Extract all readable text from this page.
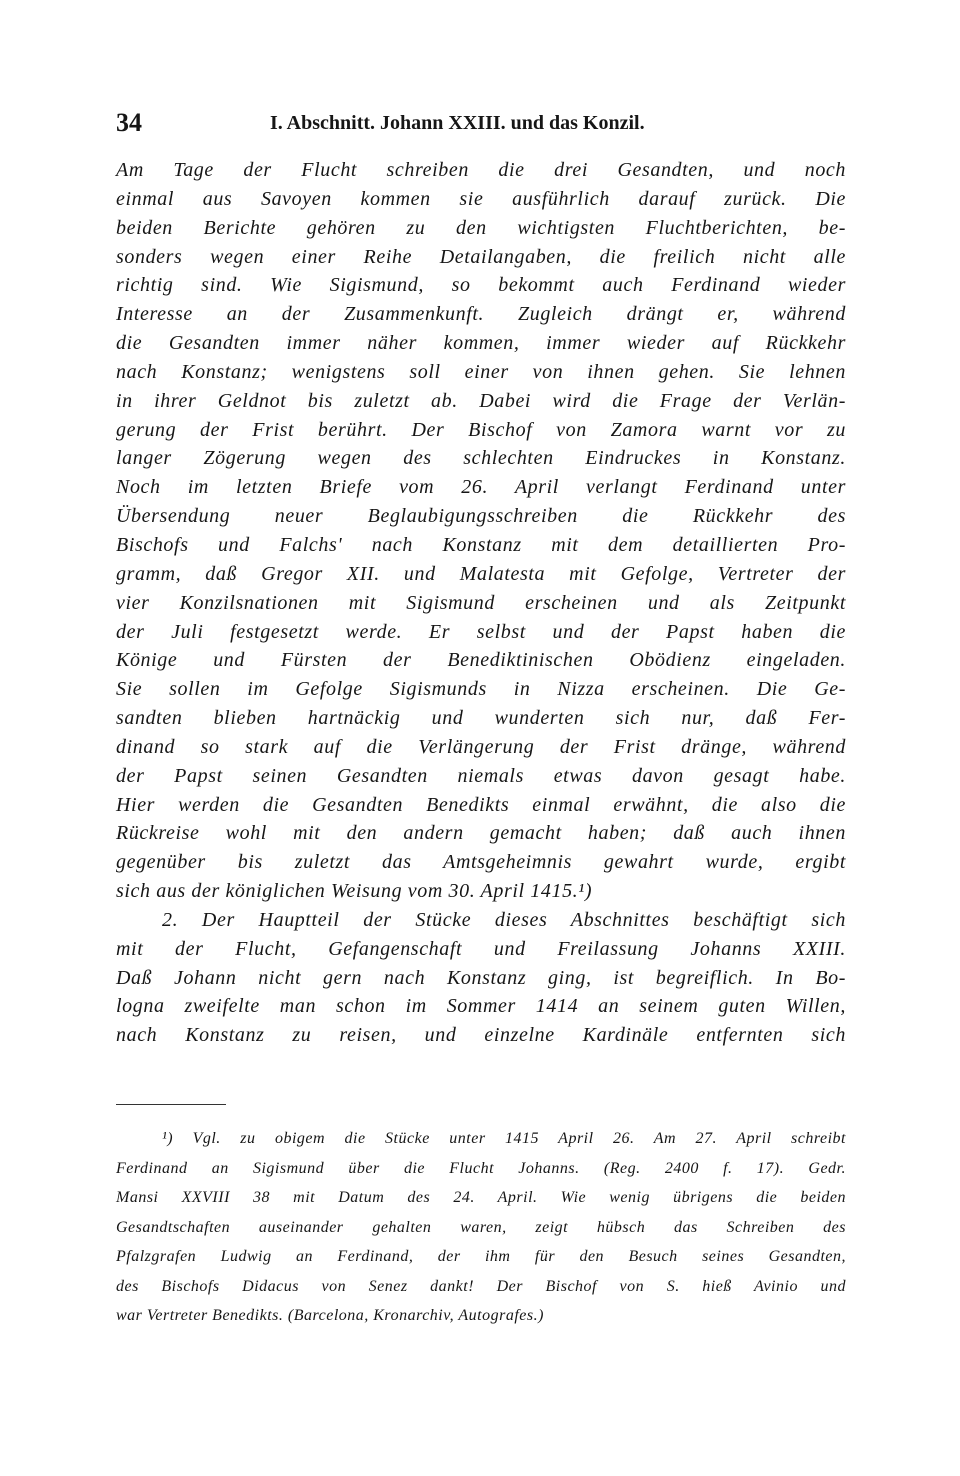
34	I. Abschnitt. Johann XXIII. und das Konzil.
Am Tage der Flucht schreiben die drei Gesandten, und noch
einmal aus Savoyen kommen sie ausführlich darauf zurück. Die
beiden Berichte gehören zu den wichtigsten Fluchtberichten, be-
sonders wegen einer Reihe Detailangaben, die freilich nicht alle
richtig sind. Wie Sigismund, so bekommt auch Ferdinand wieder
Interesse an der Zusammenkunft. Zugleich drängt er, während
die Gesandten immer näher kommen, immer wieder auf Rückkehr
nach Konstanz; wenigstens soll einer von ihnen gehen. Sie lehnen
in ihrer Geldnot bis zuletzt ab. Dabei wird die Frage der Verlän-
gerung der Frist berührt. Der Bischof von Zamora warnt vor zu
langer Zögerung wegen des schlechten Eindruckes in Konstanz.
Noch im letzten Briefe vom 26. April verlangt Ferdinand unter
Übersendung neuer Beglaubigungsschreiben die Rückkehr des
Bischofs und Falchs' nach Konstanz mit dem detaillierten Pro-
gramm, daß Gregor XII. und Malatesta mit Gefolge, Vertreter der
vier Konzilsnationen mit Sigismund erscheinen und als Zeitpunkt
der Juli festgesetzt werde. Er selbst und der Papst haben die
Könige und Fürsten der Benediktinischen Obödienz eingeladen.
Sie sollen im Gefolge Sigismunds in Nizza erscheinen. Die Ge-
sandten blieben hartnäckig und wunderten sich nur, daß Fer-
dinand so stark auf die Verlängerung der Frist dränge, während
der Papst seinen Gesandten niemals etwas davon gesagt habe.
Hier werden die Gesandten Benedikts einmal erwähnt, die also die
Rückreise wohl mit den andern gemacht haben; daß auch ihnen
gegenüber bis zuletzt das Amtsgeheimnis gewahrt wurde, ergibt
sich aus der königlichen Weisung vom 30. April 1415.¹)
2. Der Hauptteil der Stücke dieses Abschnittes beschäftigt sich
mit der Flucht, Gefangenschaft und Freilassung Johanns XXIII.
Daß Johann nicht gern nach Konstanz ging, ist begreiflich. In Bo-
logna zweifelte man schon im Sommer 1414 an seinem guten Willen,
nach Konstanz zu reisen, und einzelne Kardinäle entfernten sich
¹) Vgl. zu obigem die Stücke unter 1415 April 26. Am 27. April schreibt
Ferdinand an Sigismund über die Flucht Johanns. (Reg. 2400 f. 17). Gedr.
Mansi XXVIII 38 mit Datum des 24. April. Wie wenig übrigens die beiden
Gesandtschaften auseinander gehalten waren, zeigt hübsch das Schreiben des
Pfalzgrafen Ludwig an Ferdinand, der ihm für den Besuch seines Gesandten,
des Bischofs Didacus von Senez dankt! Der Bischof von S. hieß Avinio und
war Vertreter Benedikts. (Barcelona, Kronarchiv, Autografes.)
